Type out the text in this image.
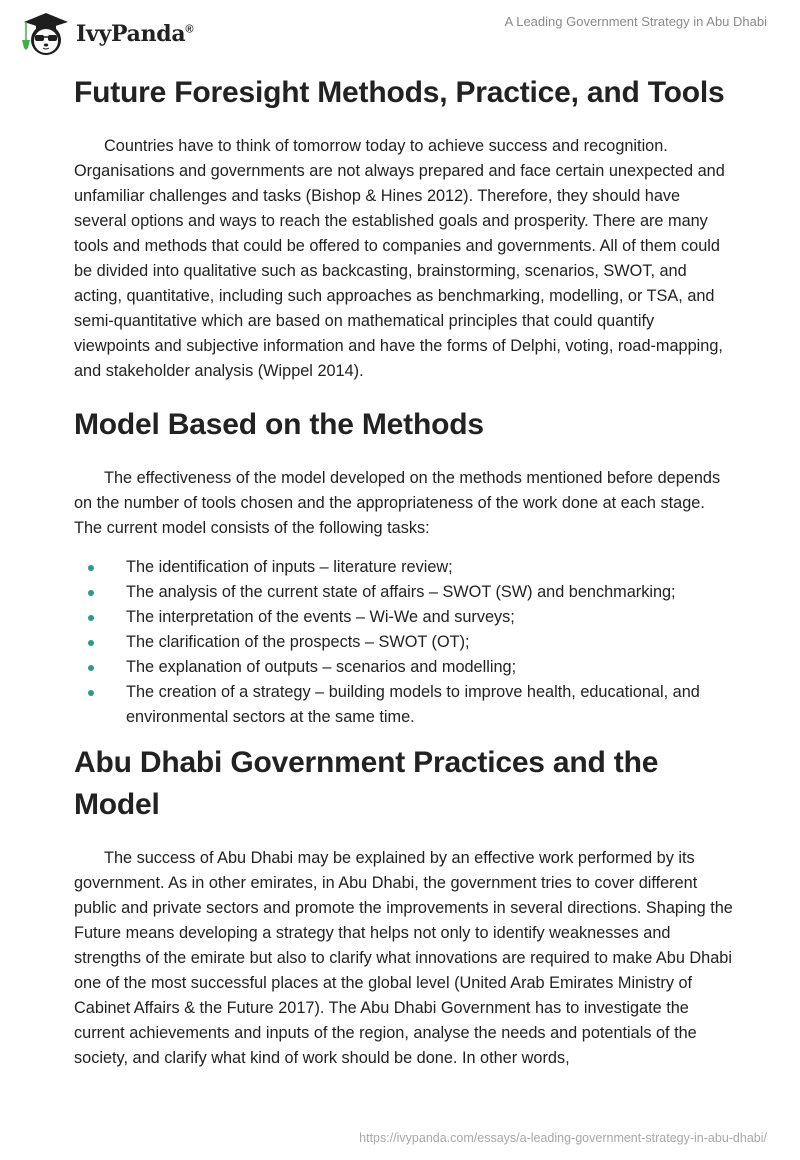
IvyPanda®
A Leading Government Strategy in Abu Dhabi
Future Foresight Methods, Practice, and Tools

Countries have to think of tomorrow today to achieve success and recognition. Organisations and governments are not always prepared and face certain unexpected and unfamiliar challenges and tasks (Bishop & Hines 2012). Therefore, they should have several options and ways to reach the established goals and prosperity. There are many tools and methods that could be offered to companies and governments. All of them could be divided into qualitative such as backcasting, brainstorming, scenarios, SWOT, and acting, quantitative, including such approaches as benchmarking, modelling, or TSA, and semi-quantitative which are based on mathematical principles that could quantify viewpoints and subjective information and have the forms of Delphi, voting, road-mapping, and stakeholder analysis (Wippel 2014).

Model Based on the Methods

The effectiveness of the model developed on the methods mentioned before depends on the number of tools chosen and the appropriateness of the work done at each stage. The current model consists of the following tasks:

The identification of inputs – literature review;
The analysis of the current state of affairs – SWOT (SW) and benchmarking;
The interpretation of the events – Wi-We and surveys;
The clarification of the prospects – SWOT (OT);
The explanation of outputs – scenarios and modelling;
The creation of a strategy – building models to improve health, educational, and environmental sectors at the same time.
Abu Dhabi Government Practices and the Model

The success of Abu Dhabi may be explained by an effective work performed by its government. As in other emirates, in Abu Dhabi, the government tries to cover different public and private sectors and promote the improvements in several directions. Shaping the Future means developing a strategy that helps not only to identify weaknesses and strengths of the emirate but also to clarify what innovations are required to make Abu Dhabi one of the most successful places at the global level (United Arab Emirates Ministry of Cabinet Affairs & the Future 2017). The Abu Dhabi Government has to investigate the current achievements and inputs of the region, analyse the needs and potentials of the society, and clarify what kind of work should be done. In other words,

https://ivypanda.com/essays/a-leading-government-strategy-in-abu-dhabi/
